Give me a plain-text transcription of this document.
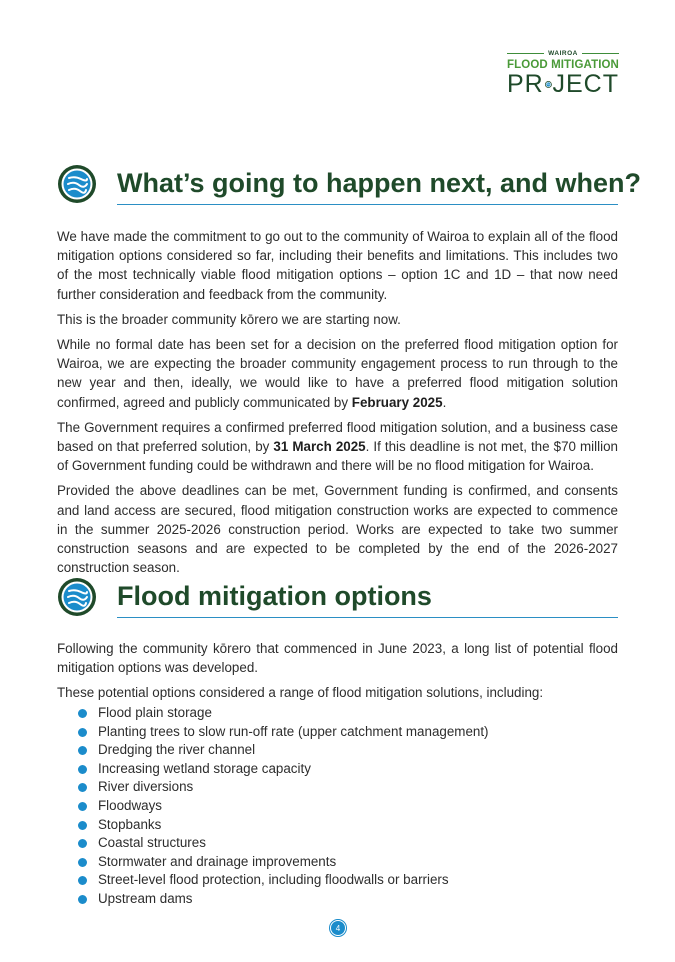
WAIROA
FLOOD MITIGATION
PR JECT
What’s going to happen next, and when?

We have made the commitment to go out to the community of Wairoa to explain all of the flood mitigation options considered so far, including their benefits and limitations. This includes two of the most technically viable flood mitigation options – option 1C and 1D – that now need further consideration and feedback from the community.

This is the broader community kōrero we are starting now.

While no formal date has been set for a decision on the preferred flood mitigation option for Wairoa, we are expecting the broader community engagement process to run through to the new year and then, ideally, we would like to have a preferred flood mitigation solution confirmed, agreed and publicly communicated by February 2025.

The Government requires a confirmed preferred flood mitigation solution, and a business case based on that preferred solution, by 31 March 2025. If this deadline is not met, the $70 million of Government funding could be withdrawn and there will be no flood mitigation for Wairoa.

Provided the above deadlines can be met, Government funding is confirmed, and consents and land access are secured, flood mitigation construction works are expected to commence in the summer 2025-2026 construction period. Works are expected to take two summer construction seasons and are expected to be completed by the end of the 2026-2027 construction season.

Flood mitigation options

Following the community kōrero that commenced in June 2023, a long list of potential flood mitigation options was developed.

These potential options considered a range of flood mitigation solutions, including:

Flood plain storage
Planting trees to slow run-off rate (upper catchment management)
Dredging the river channel
Increasing wetland storage capacity
River diversions
Floodways
Stopbanks
Coastal structures
Stormwater and drainage improvements
Street-level flood protection, including floodwalls or barriers
Upstream dams
4
